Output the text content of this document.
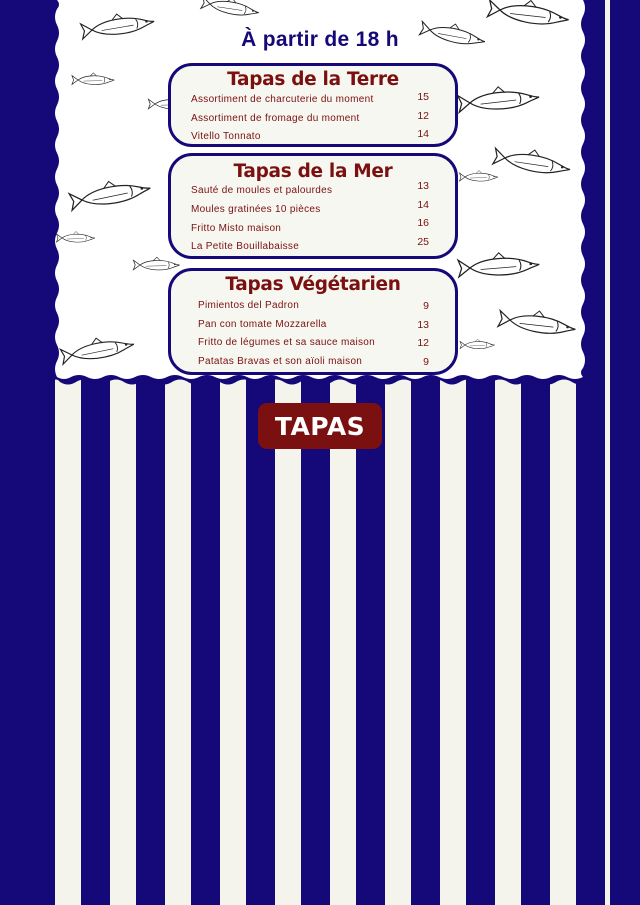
À partir de 18 h
Tapas de la Terre
Assortiment de charcuterie du moment	15
Assortiment de fromage du moment	12
Vitello Tonnato	14
Tapas de la Mer
Sauté de moules et palourdes	13
Moules gratinées 10 pièces	14
Fritto Misto maison	16
La Petite Bouillabaisse	25
Tapas Végétarien
Pimientos del Padron	9
Pan con tomate Mozzarella	13
Fritto de légumes et sa sauce maison	12
Patatas Bravas et son aïoli maison	9
TAPAS
